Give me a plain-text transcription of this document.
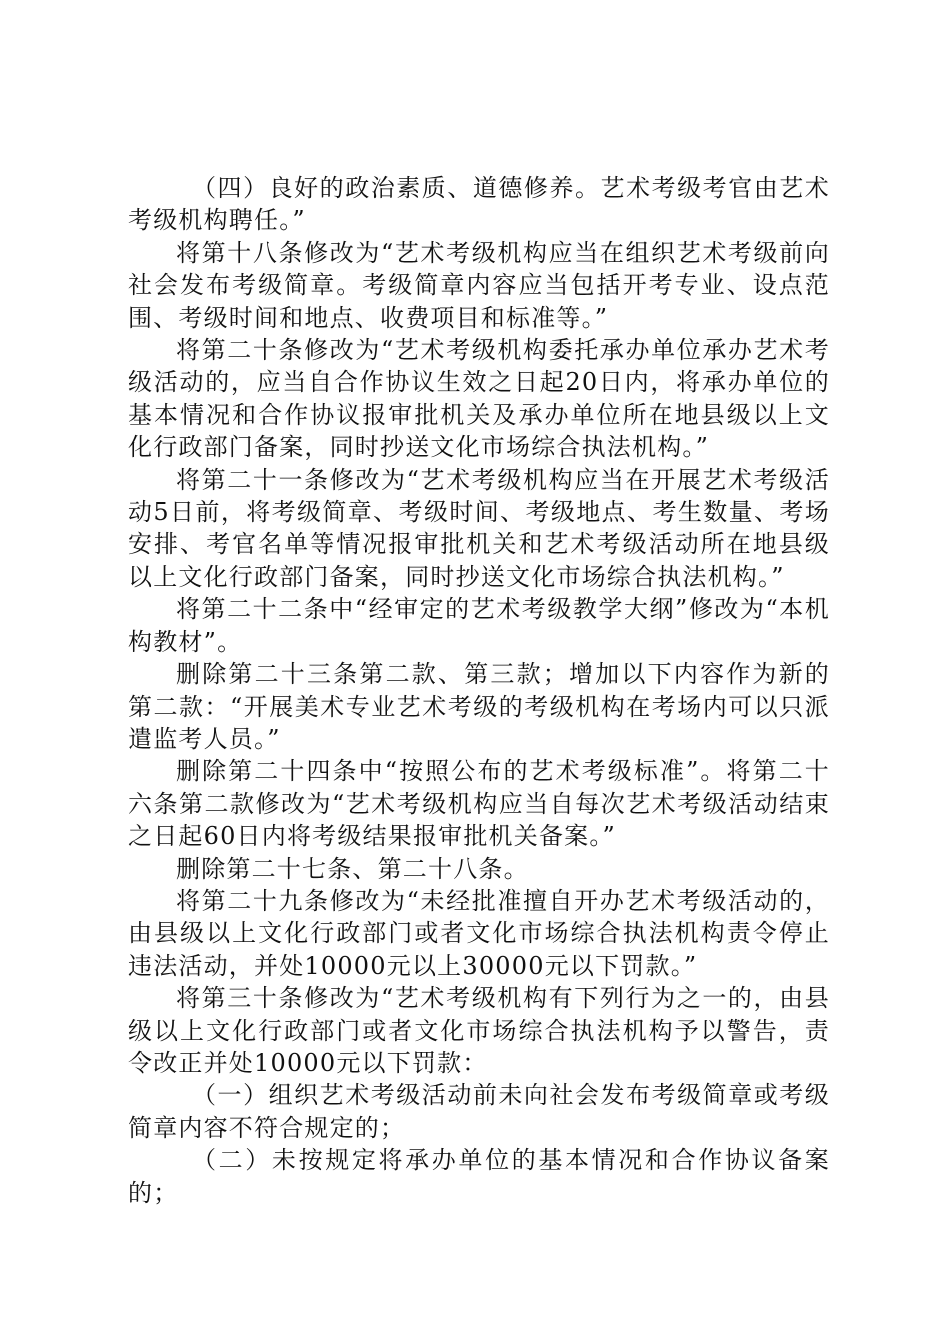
（四）良好的政治素质、道德修养。艺术考级考官由艺术考级机构聘任。”

将第十八条修改为“艺术考级机构应当在组织艺术考级前向社会发布考级简章。考级简章内容应当包括开考专业、设点范围、考级时间和地点、收费项目和标准等。”

将第二十条修改为“艺术考级机构委托承办单位承办艺术考级活动的，应当自合作协议生效之日起20日内，将承办单位的基本情况和合作协议报审批机关及承办单位所在地县级以上文化行政部门备案，同时抄送文化市场综合执法机构。”

将第二十一条修改为“艺术考级机构应当在开展艺术考级活动5日前，将考级简章、考级时间、考级地点、考生数量、考场安排、考官名单等情况报审批机关和艺术考级活动所在地县级以上文化行政部门备案，同时抄送文化市场综合执法机构。”

将第二十二条中“经审定的艺术考级教学大纲”修改为“本机构教材”。

删除第二十三条第二款、第三款；增加以下内容作为新的第二款：“开展美术专业艺术考级的考级机构在考场内可以只派遣监考人员。”

删除第二十四条中“按照公布的艺术考级标准”。将第二十六条第二款修改为“艺术考级机构应当自每次艺术考级活动结束之日起60日内将考级结果报审批机关备案。”

删除第二十七条、第二十八条。

将第二十九条修改为“未经批准擅自开办艺术考级活动的，由县级以上文化行政部门或者文化市场综合执法机构责令停止违法活动，并处10000元以上30000元以下罚款。”

将第三十条修改为“艺术考级机构有下列行为之一的，由县级以上文化行政部门或者文化市场综合执法机构予以警告，责令改正并处10000元以下罚款：

（一）组织艺术考级活动前未向社会发布考级简章或考级简章内容不符合规定的；

（二）未按规定将承办单位的基本情况和合作协议备案的；
